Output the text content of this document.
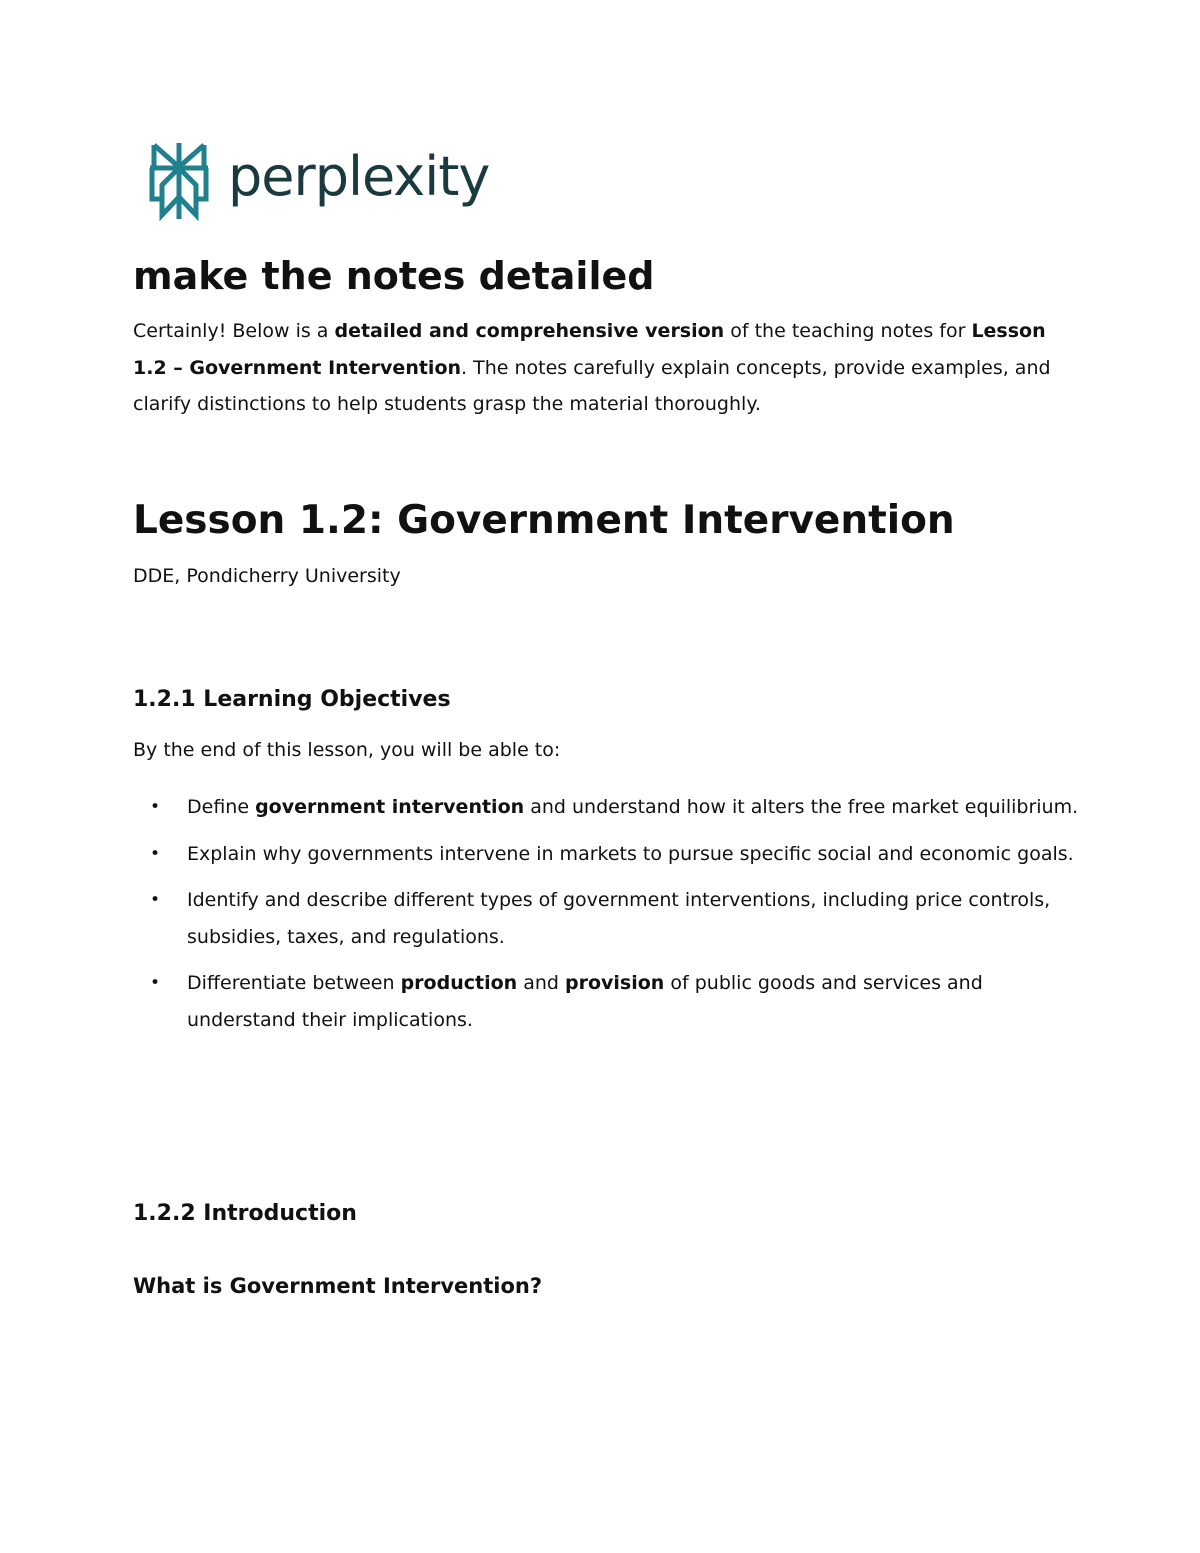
perplexity
make the notes detailed

Certainly! Below is a detailed and comprehensive version of the teaching notes for Lesson 1.2 – Government Intervention. The notes carefully explain concepts, provide examples, and clarify distinctions to help students grasp the material thoroughly.

Lesson 1.2: Government Intervention

DDE, Pondicherry University

1.2.1 Learning Objectives

By the end of this lesson, you will be able to:

• Define government intervention and understand how it alters the free market equilibrium.
• Explain why governments intervene in markets to pursue specific social and economic goals.
• Identify and describe different types of government interventions, including price controls, subsidies, taxes, and regulations.
• Differentiate between production and provision of public goods and services and understand their implications.
1.2.2 Introduction
What is Government Intervention?
